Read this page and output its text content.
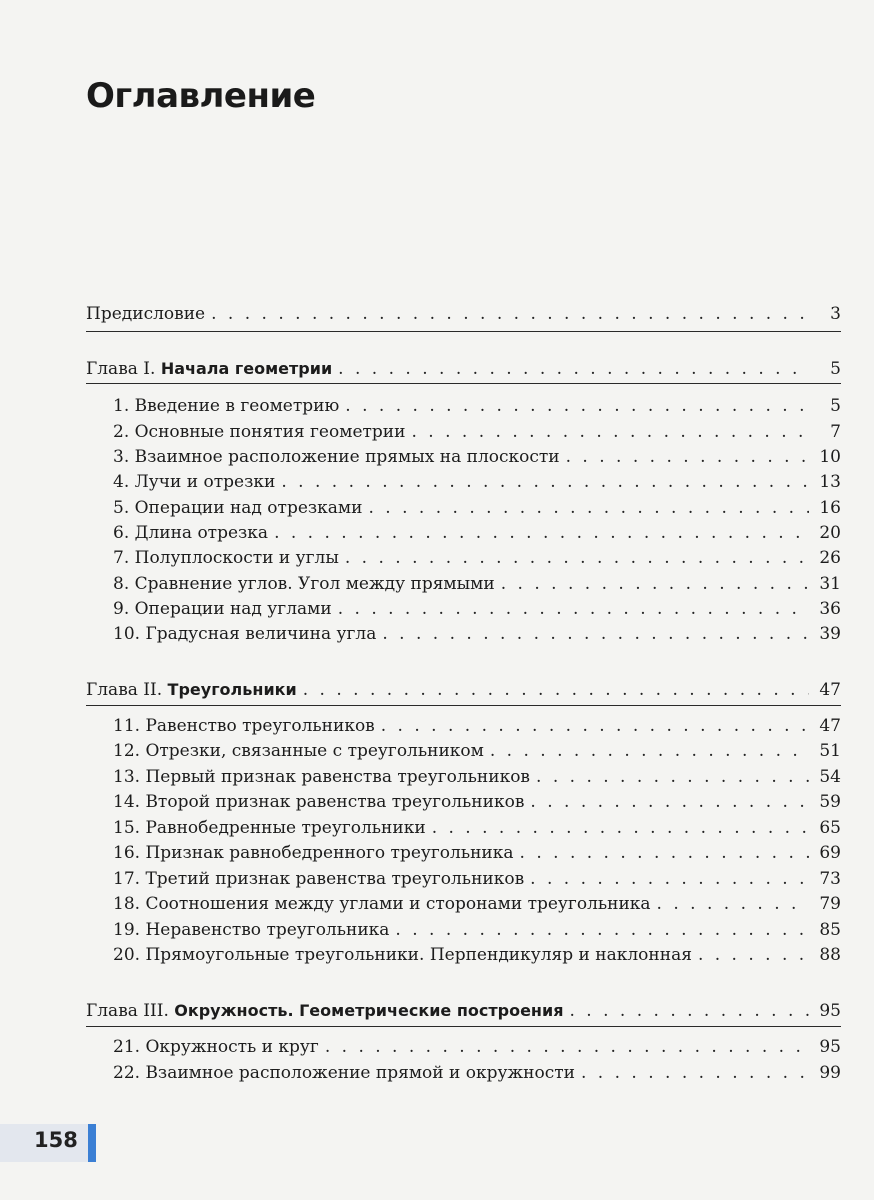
Оглавление
Предисловие . . .	3
Глава I. Начала геометрии . . .	5
1. Введение в геометрию . . .	5
2. Основные понятия геометрии . . .	7
3. Взаимное расположение прямых на плоскости . . .	10
4. Лучи и отрезки . . .	13
5. Операции над отрезками . . .	16
6. Длина отрезка . . .	20
7. Полуплоскости и углы . . .	26
8. Сравнение углов. Угол между прямыми . . .	31
9. Операции над углами . . .	36
10. Градусная величина угла . . .	39
Глава II. Треугольники . . .	47
11. Равенство треугольников . . .	47
12. Отрезки, связанные с треугольником . . .	51
13. Первый признак равенства треугольников . . .	54
14. Второй признак равенства треугольников . . .	59
15. Равнобедренные треугольники . . .	65
16. Признак равнобедренного треугольника . . .	69
17. Третий признак равенства треугольников . . .	73
18. Соотношения между углами и сторонами треугольника . . .	79
19. Неравенство треугольника . . .	85
20. Прямоугольные треугольники. Перпендикуляр и наклонная . . .	88
Глава III. Окружность. Геометрические построения . . .	95
21. Окружность и круг . . .	95
22. Взаимное расположение прямой и окружности . . .	99
158
